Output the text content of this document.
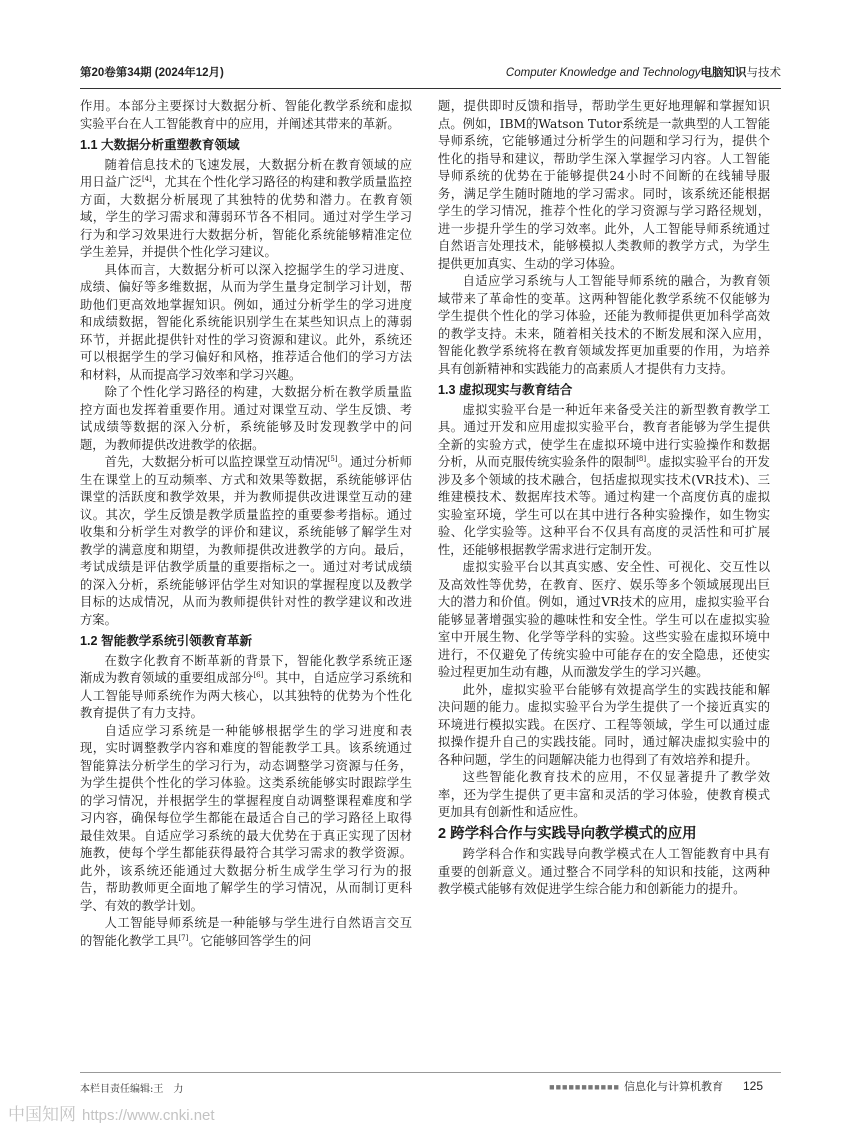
第20卷第34期 (2024年12月)	Computer Knowledge and Technology电脑知识与技术

作用。本部分主要探讨大数据分析、智能化教学系统和虚拟实验平台在人工智能教育中的应用，并阐述其带来的革新。

1.1 大数据分析重塑教育领域

随着信息技术的飞速发展，大数据分析在教育领域的应用日益广泛[4]，尤其在个性化学习路径的构建和教学质量监控方面，大数据分析展现了其独特的优势和潜力。在教育领域，学生的学习需求和薄弱环节各不相同。通过对学生学习行为和学习效果进行大数据分析，智能化系统能够精准定位学生差异，并提供个性化学习建议。

具体而言，大数据分析可以深入挖掘学生的学习进度、成绩、偏好等多维数据，从而为学生量身定制学习计划，帮助他们更高效地掌握知识。例如，通过分析学生的学习进度和成绩数据，智能化系统能识别学生在某些知识点上的薄弱环节，并据此提供针对性的学习资源和建议。此外，系统还可以根据学生的学习偏好和风格，推荐适合他们的学习方法和材料，从而提高学习效率和学习兴趣。

除了个性化学习路径的构建，大数据分析在教学质量监控方面也发挥着重要作用。通过对课堂互动、学生反馈、考试成绩等数据的深入分析，系统能够及时发现教学中的问题，为教师提供改进教学的依据。

首先，大数据分析可以监控课堂互动情况[5]。通过分析师生在课堂上的互动频率、方式和效果等数据，系统能够评估课堂的活跃度和教学效果，并为教师提供改进课堂互动的建议。其次，学生反馈是教学质量监控的重要参考指标。通过收集和分析学生对教学的评价和建议，系统能够了解学生对教学的满意度和期望，为教师提供改进教学的方向。最后，考试成绩是评估教学质量的重要指标之一。通过对考试成绩的深入分析，系统能够评估学生对知识的掌握程度以及教学目标的达成情况，从而为教师提供针对性的教学建议和改进方案。

1.2 智能教学系统引领教育革新

在数字化教育不断革新的背景下，智能化教学系统正逐渐成为教育领域的重要组成部分[6]。其中，自适应学习系统和人工智能导师系统作为两大核心，以其独特的优势为个性化教育提供了有力支持。

自适应学习系统是一种能够根据学生的学习进度和表现，实时调整教学内容和难度的智能教学工具。该系统通过智能算法分析学生的学习行为，动态调整学习资源与任务，为学生提供个性化的学习体验。这类系统能够实时跟踪学生的学习情况，并根据学生的掌握程度自动调整课程难度和学习内容，确保每位学生都能在最适合自己的学习路径上取得最佳效果。自适应学习系统的最大优势在于真正实现了因材施教，使每个学生都能获得最符合其学习需求的教学资源。此外，该系统还能通过大数据分析生成学生学习行为的报告，帮助教师更全面地了解学生的学习情况，从而制订更科学、有效的教学计划。

人工智能导师系统是一种能够与学生进行自然语言交互的智能化教学工具[7]。它能够回答学生的问

题，提供即时反馈和指导，帮助学生更好地理解和掌握知识点。例如，IBM的Watson Tutor系统是一款典型的人工智能导师系统，它能够通过分析学生的问题和学习行为，提供个性化的指导和建议，帮助学生深入掌握学习内容。人工智能导师系统的优势在于能够提供24小时不间断的在线辅导服务，满足学生随时随地的学习需求。同时，该系统还能根据学生的学习情况，推荐个性化的学习资源与学习路径规划，进一步提升学生的学习效率。此外，人工智能导师系统通过自然语言处理技术，能够模拟人类教师的教学方式，为学生提供更加真实、生动的学习体验。

自适应学习系统与人工智能导师系统的融合，为教育领域带来了革命性的变革。这两种智能化教学系统不仅能够为学生提供个性化的学习体验，还能为教师提供更加科学高效的教学支持。未来，随着相关技术的不断发展和深入应用，智能化教学系统将在教育领域发挥更加重要的作用，为培养具有创新精神和实践能力的高素质人才提供有力支持。

1.3 虚拟现实与教育结合

虚拟实验平台是一种近年来备受关注的新型教育教学工具。通过开发和应用虚拟实验平台，教育者能够为学生提供全新的实验方式，使学生在虚拟环境中进行实验操作和数据分析，从而克服传统实验条件的限制[8]。虚拟实验平台的开发涉及多个领域的技术融合，包括虚拟现实技术(VR技术)、三维建模技术、数据库技术等。通过构建一个高度仿真的虚拟实验室环境，学生可以在其中进行各种实验操作，如生物实验、化学实验等。这种平台不仅具有高度的灵活性和可扩展性，还能够根据教学需求进行定制开发。

虚拟实验平台以其真实感、安全性、可视化、交互性以及高效性等优势，在教育、医疗、娱乐等多个领域展现出巨大的潜力和价值。例如，通过VR技术的应用，虚拟实验平台能够显著增强实验的趣味性和安全性。学生可以在虚拟实验室中开展生物、化学等学科的实验。这些实验在虚拟环境中进行，不仅避免了传统实验中可能存在的安全隐患，还使实验过程更加生动有趣，从而激发学生的学习兴趣。

此外，虚拟实验平台能够有效提高学生的实践技能和解决问题的能力。虚拟实验平台为学生提供了一个接近真实的环境进行模拟实践。在医疗、工程等领域，学生可以通过虚拟操作提升自己的实践技能。同时，通过解决虚拟实验中的各种问题，学生的问题解决能力也得到了有效培养和提升。

这些智能化教育技术的应用，不仅显著提升了教学效率，还为学生提供了更丰富和灵活的学习体验，使教育模式更加具有创新性和适应性。

2 跨学科合作与实践导向教学模式的应用

跨学科合作和实践导向教学模式在人工智能教育中具有重要的创新意义。通过整合不同学科的知识和技能，这两种教学模式能够有效促进学生综合能力和创新能力的提升。

本栏目责任编辑:王　力	■■■■■■■■■■■ 信息化与计算机教育 125
中国知网 https://www.cnki.net
